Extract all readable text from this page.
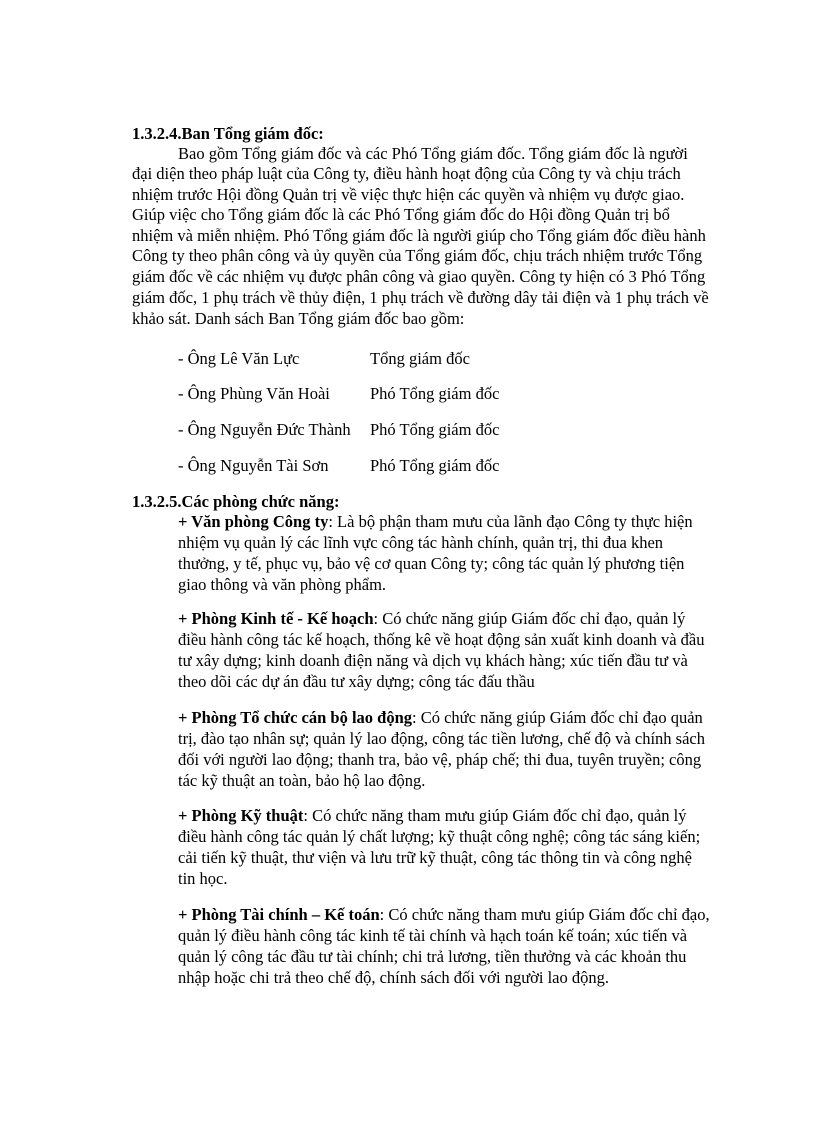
1.3.2.4.Ban Tổng giám đốc:
Bao gồm Tổng giám đốc và các Phó Tổng giám đốc. Tổng giám đốc là người
đại diện theo pháp luật của Công ty, điều hành hoạt động của Công ty và chịu trách
nhiệm trước Hội đồng Quản trị về việc thực hiện các quyền và nhiệm vụ được giao.
Giúp việc cho Tổng giám đốc là các Phó Tổng giám đốc do Hội đồng Quản trị bổ
nhiệm và miễn nhiệm. Phó Tổng giám đốc là người giúp cho Tổng giám đốc điều hành
Công ty theo phân công và ủy quyền của Tổng giám đốc, chịu trách nhiệm trước Tổng
giám đốc về các nhiệm vụ được phân công và giao quyền. Công ty hiện có 3 Phó Tổng
giám đốc, 1 phụ trách về thủy điện, 1 phụ trách về đường dây tải điện và 1 phụ trách về
khảo sát. Danh sách Ban Tổng giám đốc bao gồm:
- Ông Lê Văn Lực	Tổng giám đốc
- Ông Phùng Văn Hoài Phó Tổng giám đốc
- Ông Nguyễn Đức Thành Phó Tổng giám đốc
- Ông Nguyễn Tài Sơn	Phó Tổng giám đốc
1.3.2.5.Các phòng chức năng:
+ Văn phòng Công ty: Là bộ phận tham mưu của lãnh đạo Công ty thực hiện
nhiệm vụ quản lý các lĩnh vực công tác hành chính, quản trị, thi đua khen
thưởng, y tế, phục vụ, bảo vệ cơ quan Công ty; công tác quản lý phương tiện
giao thông và văn phòng phẩm.
+ Phòng Kinh tế - Kế hoạch: Có chức năng giúp Giám đốc chỉ đạo, quản lý
điều hành công tác kế hoạch, thống kê về hoạt động sản xuất kinh doanh và đầu
tư xây dựng; kinh doanh điện năng và dịch vụ khách hàng; xúc tiến đầu tư và
theo dõi các dự án đầu tư xây dựng; công tác đấu thầu
+ Phòng Tổ chức cán bộ lao động: Có chức năng giúp Giám đốc chỉ đạo quản
trị, đào tạo nhân sự; quản lý lao động, công tác tiền lương, chế độ và chính sách
đối với người lao động; thanh tra, bảo vệ, pháp chế; thi đua, tuyên truyền; công
tác kỹ thuật an toàn, bảo hộ lao động.
+ Phòng Kỹ thuật: Có chức năng tham mưu giúp Giám đốc chỉ đạo, quản lý
điều hành công tác quản lý chất lượng; kỹ thuật công nghệ; công tác sáng kiến;
cải tiến kỹ thuật, thư viện và lưu trữ kỹ thuật, công tác thông tin và công nghệ
tin học.
+ Phòng Tài chính – Kế toán: Có chức năng tham mưu giúp Giám đốc chỉ đạo,
quản lý điều hành công tác kinh tế tài chính và hạch toán kế toán; xúc tiến và
quản lý công tác đầu tư tài chính; chi trả lương, tiền thưởng và các khoản thu
nhập hoặc chi trả theo chế độ, chính sách đối với người lao động.
